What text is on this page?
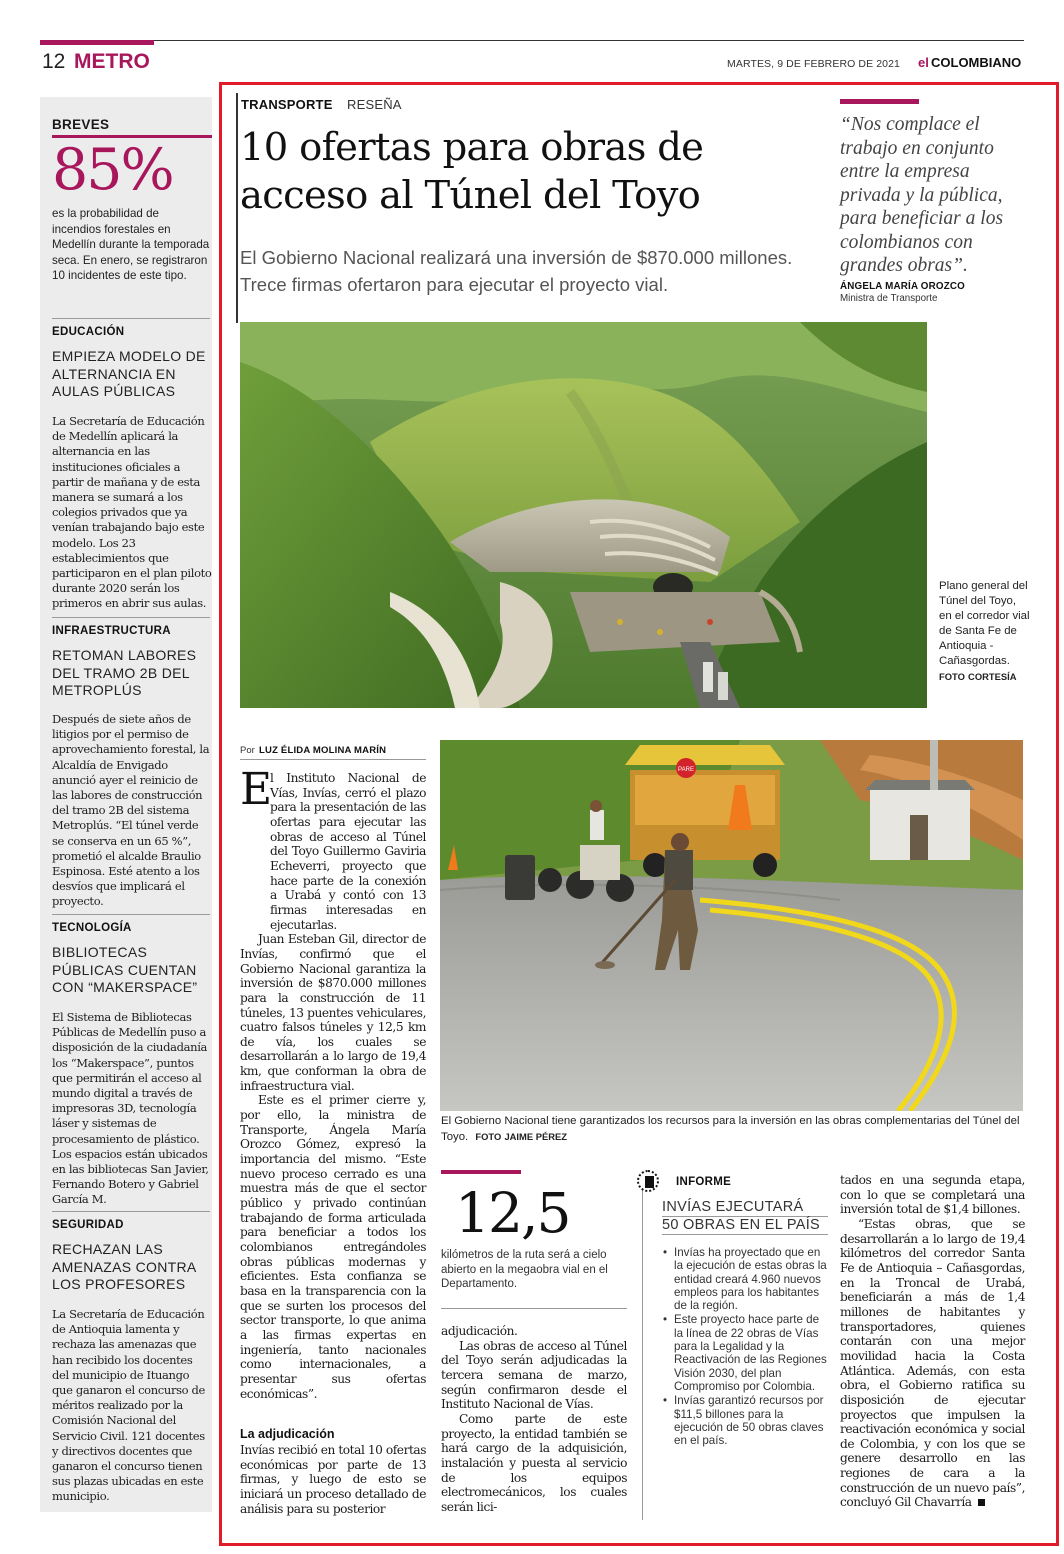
12 METRO	MARTES, 9 DE FEBRERO DE 2021 el COLOMBIANO
BREVES
85%
es la probabilidad de incendios forestales en Medellín durante la temporada seca. En enero, se registraron 10 incidentes de este tipo.
EDUCACIÓN
EMPIEZA MODELO DE ALTERNANCIA EN AULAS PÚBLICAS
La Secretaría de Educación de Medellín aplicará la alternancia en las instituciones oficiales a partir de mañana y de esta manera se sumará a los colegios privados que ya venían trabajando bajo este modelo. Los 23 establecimientos que participaron en el plan piloto durante 2020 serán los primeros en abrir sus aulas.
INFRAESTRUCTURA
RETOMAN LABORES DEL TRAMO 2B DEL METROPLÚS
Después de siete años de litigios por el permiso de aprovechamiento forestal, la Alcaldía de Envigado anunció ayer el reinicio de las labores de construcción del tramo 2B del sistema Metroplús. “El túnel verde se conserva en un 65 %”, prometió el alcalde Braulio Espinosa. Esté atento a los desvíos que implicará el proyecto.
TECNOLOGÍA
BIBLIOTECAS PÚBLICAS CUENTAN CON “MAKERSPACE”
El Sistema de Bibliotecas Públicas de Medellín puso a disposición de la ciudadanía los “Makerspace”, puntos que permitirán el acceso al mundo digital a través de impresoras 3D, tecnología láser y sistemas de procesamiento de plástico. Los espacios están ubicados en las bibliotecas San Javier, Fernando Botero y Gabriel García M.
SEGURIDAD
RECHAZAN LAS AMENAZAS CONTRA LOS PROFESORES
La Secretaría de Educación de Antioquia lamenta y rechaza las amenazas que han recibido los docentes del municipio de Ituango que ganaron el concurso de méritos realizado por la Comisión Nacional del Servicio Civil. 121 docentes y directivos docentes que ganaron el concurso tienen sus plazas ubicadas en este municipio.
TRANSPORTE RESEÑA
10 ofertas para obras de acceso al Túnel del Toyo
El Gobierno Nacional realizará una inversión de $870.000 millones. Trece firmas ofertaron para ejecutar el proyecto vial.
“Nos complace el trabajo en conjunto entre la empresa privada y la pública, para beneficiar a los colombianos con grandes obras”.
ÁNGELA MARÍA OROZCO
Ministra de Transporte
Plano general del Túnel del Toyo, en el corredor vial de Santa Fe de Antioquia - Cañasgordas. FOTO CORTESÍA
Por LUZ ÉLIDA MOLINA MARÍN
PARE
El Gobierno Nacional tiene garantizados los recursos para la inversión en las obras complementarias del Túnel del Toyo. FOTO JAIME PÉREZ
E

l Instituto Nacional de Vías, Invías, cerró el plazo para la presentación de las ofertas para ejecutar las obras de acceso al Túnel del Toyo Guillermo Gaviria Echeverri, proyecto que hace parte de la conexión a Urabá y contó con 13 firmas interesadas en ejecutarlas.

Juan Esteban Gil, director de Invías, confirmó que el Gobierno Nacional garantiza la inversión de $870.000 millones para la construcción de 11 túneles, 13 puentes vehiculares, cuatro falsos túneles y 12,5 km de vía, los cuales se desarrollarán a lo largo de 19,4 km, que conforman la obra de infraestructura vial.

Este es el primer cierre y, por ello, la ministra de Transporte, Ángela María Orozco Gómez, expresó la importancia del mismo. “Este nuevo proceso cerrado es una muestra más de que el sector público y privado continúan trabajando de forma articulada para beneficiar a todos los colombianos entregándoles obras públicas modernas y eficientes. Esta confianza se basa en la transparencia con la que se surten los procesos del sector transporte, lo que anima a las firmas expertas en ingeniería, tanto nacionales como internacionales, a presentar sus ofertas económicas”.

La adjudicación
Invías recibió en total 10 ofertas económicas por parte de 13 firmas, y luego de esto se iniciará un proceso detallado de análisis para su posterior
12,5
kilómetros de la ruta será a cielo abierto en la megaobra vial en el Departamento.

adjudicación.

Las obras de acceso al Túnel del Toyo serán adjudicadas la tercera semana de marzo, según confirmaron desde el Instituto Nacional de Vías.

Como parte de este proyecto, la entidad también se hará cargo de la adquisición, instalación y puesta al servicio de los equipos electromecánicos, los cuales serán lici-

INFORME
INVÍAS EJECUTARÁ
50 OBRAS EN EL PAÍS
• Invías ha proyectado que en la ejecución de estas obras la entidad creará 4.960 nuevos empleos para los habitantes de la región.
• Este proyecto hace parte de la línea de 22 obras de Vías para la Legalidad y la Reactivación de las Regiones Visión 2030, del plan Compromiso por Colombia.
• Invías garantizó recursos por $11,5 billones para la ejecución de 50 obras claves en el país.

tados en una segunda etapa, con lo que se completará una inversión total de $1,4 billones.

“Estas obras, que se desarrollarán a lo largo de 19,4 kilómetros del corredor Santa Fe de Antioquia – Cañasgordas, en la Troncal de Urabá, beneficiarán a más de 1,4 millones de habitantes y transportadores, quienes contarán con una mejor movilidad hacia la Costa Atlántica. Además, con esta obra, el Gobierno ratifica su disposición de ejecutar proyectos que impulsen la reactivación económica y social de Colombia, y con los que se genere desarrollo en las regiones de cara a la construcción de un nuevo país”, concluyó Gil Chavarría
